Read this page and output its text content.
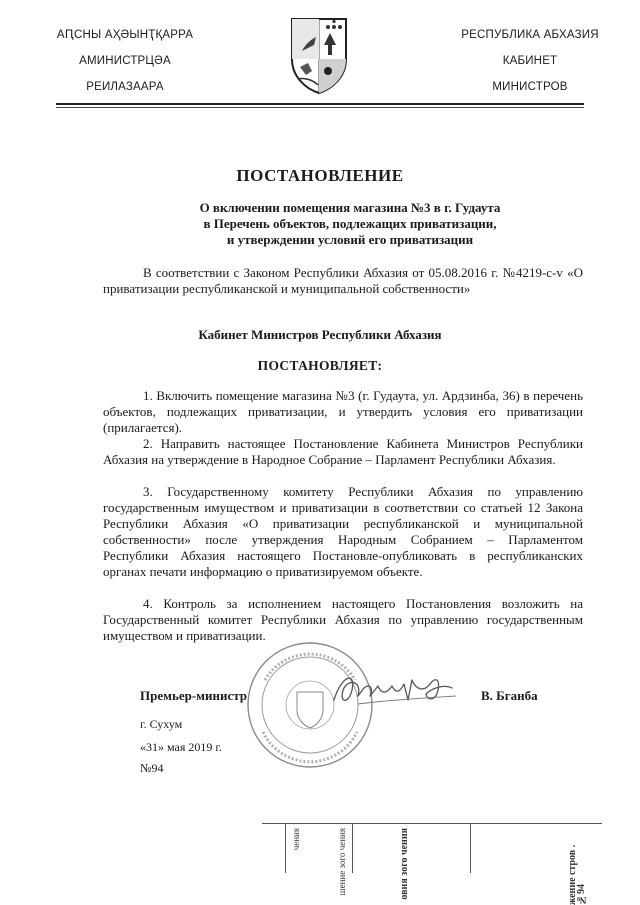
АԤСНЫ АҲӘЫНҬҚАРРА
АМИНИСТРЦӘА
РЕИЛАЗААРА
РЕСПУБЛИКА АБХАЗИЯ
КАБИНЕТ
МИНИСТРОВ
ПОСТАНОВЛЕНИЕ
О включении помещения магазина №3 в г. Гудаута
в Перечень объектов, подлежащих приватизации,
и утверждении условий его приватизации
В соответствии с Законом Республики Абхазия от 05.08.2016 г. №4219-с-v «О приватизации республиканской и муниципальной собственности»
Кабинет Министров Республики Абхазия
ПОСТАНОВЛЯЕТ:
1. Включить помещение магазина №3 (г. Гудаута, ул. Ардзинба, 36) в перечень объектов, подлежащих приватизации, и утвердить условия его приватизации (прилагается).
2. Направить настоящее Постановление Кабинета Министров Республики Абхазия на утверждение в Народное Собрание – Парламент Республики Абхазия.
3. Государственному комитету Республики Абхазия по управлению государственным имуществом и приватизации в соответствии со статьей 12 Закона Республики Абхазия «О приватизации республиканской и муниципальной собственности» после утверждения Народным Собранием – Парламентом Республики Абхазия настоящего Постановле-опубликовать в республиканских органах печати информацию о приватизируемом объекте.
4. Контроль за исполнением настоящего Постановления возложить на Государственный комитет Республики Абхазия по управлению государственным имуществом и приватизации.
Премьер-министр	В. Бганба
г. Сухум
«31» мая 2019 г.
№94
чения	шение зого чения	овия зого чения	жение стров . №94
